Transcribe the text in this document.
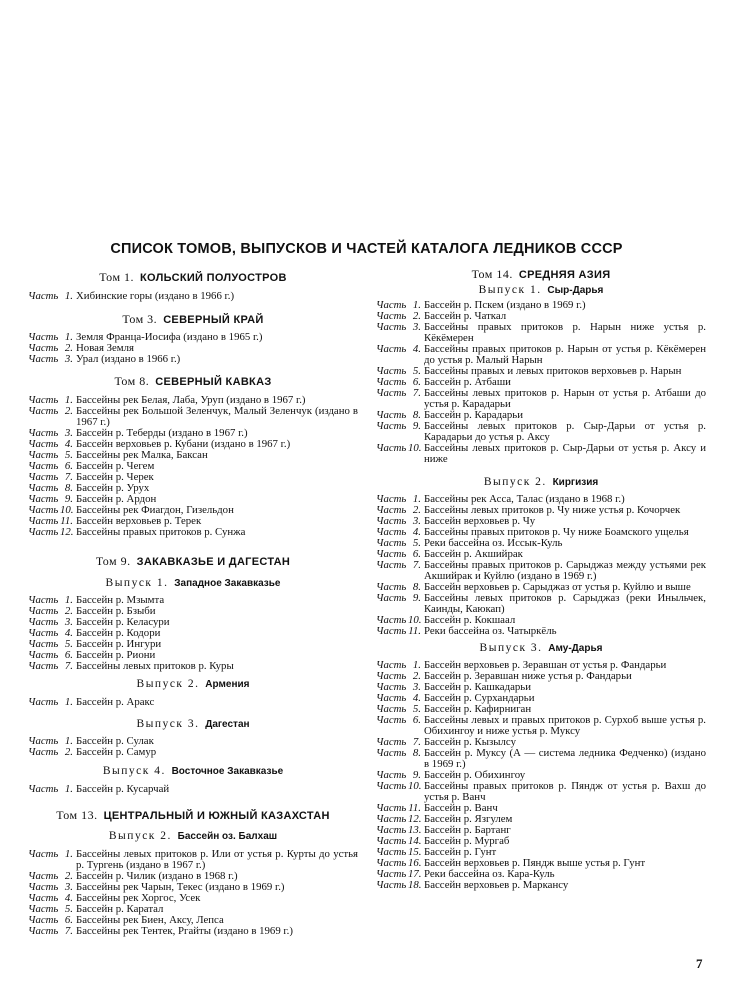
СПИСОК ТОМОВ, ВЫПУСКОВ И ЧАСТЕЙ КАТАЛОГА ЛЕДНИКОВ СССР
Том 1. КОЛЬСКИЙ ПОЛУОСТРОВ
Часть 1. Хибинские горы (издано в 1966 г.)
Том 3. СЕВЕРНЫЙ КРАЙ
Часть 1. Земля Франца-Иосифа (издано в 1965 г.)
Часть 2. Новая Земля
Часть 3. Урал (издано в 1966 г.)
Том 8. СЕВЕРНЫЙ КАВКАЗ
Часть 1. Бассейны рек Белая, Лаба, Уруп (издано в 1967 г.)
Часть 2. Бассейны рек Большой Зеленчук, Малый Зеленчук (издано в 1967 г.)
Часть 3. Бассейн р. Теберды (издано в 1967 г.)
Часть 4. Бассейн верховьев р. Кубани (издано в 1967 г.)
Часть 5. Бассейны рек Малка, Баксан
Часть 6. Бассейн р. Чегем
Часть 7. Бассейн р. Черек
Часть 8. Бассейн р. Урух
Часть 9. Бассейн р. Ардон
Часть 10. Бассейны рек Фиагдон, Гизельдон
Часть 11. Бассейн верховьев р. Терек
Часть 12. Бассейны правых притоков р. Сунжа
Том 9. ЗАКАВКАЗЬЕ И ДАГЕСТАН
Выпуск 1. Западное Закавказье
Часть 1. Бассейн р. Мзымта
Часть 2. Бассейн р. Бзыби
Часть 3. Бассейн р. Келасури
Часть 4. Бассейн р. Кодори
Часть 5. Бассейн р. Ингури
Часть 6. Бассейн р. Риони
Часть 7. Бассейны левых притоков р. Куры
Выпуск 2. Армения
Часть 1. Бассейн р. Аракс
Выпуск 3. Дагестан
Часть 1. Бассейн р. Сулак
Часть 2. Бассейн р. Самур
Выпуск 4. Восточное Закавказье
Часть 1. Бассейн р. Кусарчай
Том 13. ЦЕНТРАЛЬНЫЙ И ЮЖНЫЙ КАЗАХСТАН
Выпуск 2. Бассейн оз. Балхаш
Часть 1. Бассейны левых притоков р. Или от устья р. Курты до устья р. Тургень (издано в 1967 г.)
Часть 2. Бассейн р. Чилик (издано в 1968 г.)
Часть 3. Бассейны рек Чарын, Текес (издано в 1969 г.)
Часть 4. Бассейны рек Хоргос, Усек
Часть 5. Бассейн р. Каратал
Часть 6. Бассейны рек Биен, Аксу, Лепса
Часть 7. Бассейны рек Тентек, Ргайты (издано в 1969 г.)
Том 14. СРЕДНЯЯ АЗИЯ
Выпуск 1. Сыр-Дарья
Часть 1. Бассейн р. Пскем (издано в 1969 г.)
Часть 2. Бассейн р. Чаткал
Часть 3. Бассейны правых притоков р. Нарын ниже устья р. Кёкёмерен
Часть 4. Бассейны правых притоков р. Нарын от устья р. Кёкёмерен до устья р. Малый Нарын
Часть 5. Бассейны правых и левых притоков верховьев р. Нарын
Часть 6. Бассейн р. Атбаши
Часть 7. Бассейны левых притоков р. Нарын от устья р. Атбаши до устья р. Карадарьи
Часть 8. Бассейн р. Карадарьи
Часть 9. Бассейны левых притоков р. Сыр-Дарьи от устья р. Карадарьи до устья р. Аксу
Часть 10. Бассейны левых притоков р. Сыр-Дарьи от устья р. Аксу и ниже
Выпуск 2. Киргизия
Часть 1. Бассейны рек Асса, Талас (издано в 1968 г.)
Часть 2. Бассейны левых притоков р. Чу ниже устья р. Кочорчек
Часть 3. Бассейн верховьев р. Чу
Часть 4. Бассейны правых притоков р. Чу ниже Боамского ущелья
Часть 5. Реки бассейна оз. Иссык-Куль
Часть 6. Бассейн р. Акшийрак
Часть 7. Бассейны правых притоков р. Сарыджаз между устьями рек Акшийрак и Куйлю (издано в 1969 г.)
Часть 8. Бассейн верховьев р. Сарыджаз от устья р. Куйлю и выше
Часть 9. Бассейны левых притоков р. Сарыджаз (реки Иныльчек, Каинды, Каюкап)
Часть 10. Бассейн р. Кокшаал
Часть 11. Реки бассейна оз. Чатыркёль
Выпуск 3. Аму-Дарья
Часть 1. Бассейн верховьев р. Зеравшан от устья р. Фандарьи
Часть 2. Бассейн р. Зеравшан ниже устья р. Фандарьи
Часть 3. Бассейн р. Кашкадарьи
Часть 4. Бассейн р. Сурхандарьи
Часть 5. Бассейн р. Кафирниган
Часть 6. Бассейны левых и правых притоков р. Сурхоб выше устья р. Обихингоу и ниже устья р. Муксу
Часть 7. Бассейн р. Кызылсу
Часть 8. Бассейн р. Муксу (А — система ледника Федченко) (издано в 1969 г.)
Часть 9. Бассейн р. Обихингоу
Часть 10. Бассейны правых притоков р. Пяндж от устья р. Вахш до устья р. Ванч
Часть 11. Бассейн р. Ванч
Часть 12. Бассейн р. Язгулем
Часть 13. Бассейн р. Бартанг
Часть 14. Бассейн р. Мургаб
Часть 15. Бассейн р. Гунт
Часть 16. Бассейн верховьев р. Пяндж выше устья р. Гунт
Часть 17. Реки бассейна оз. Кара-Куль
Часть 18. Бассейн верховьев р. Маркансу
7
